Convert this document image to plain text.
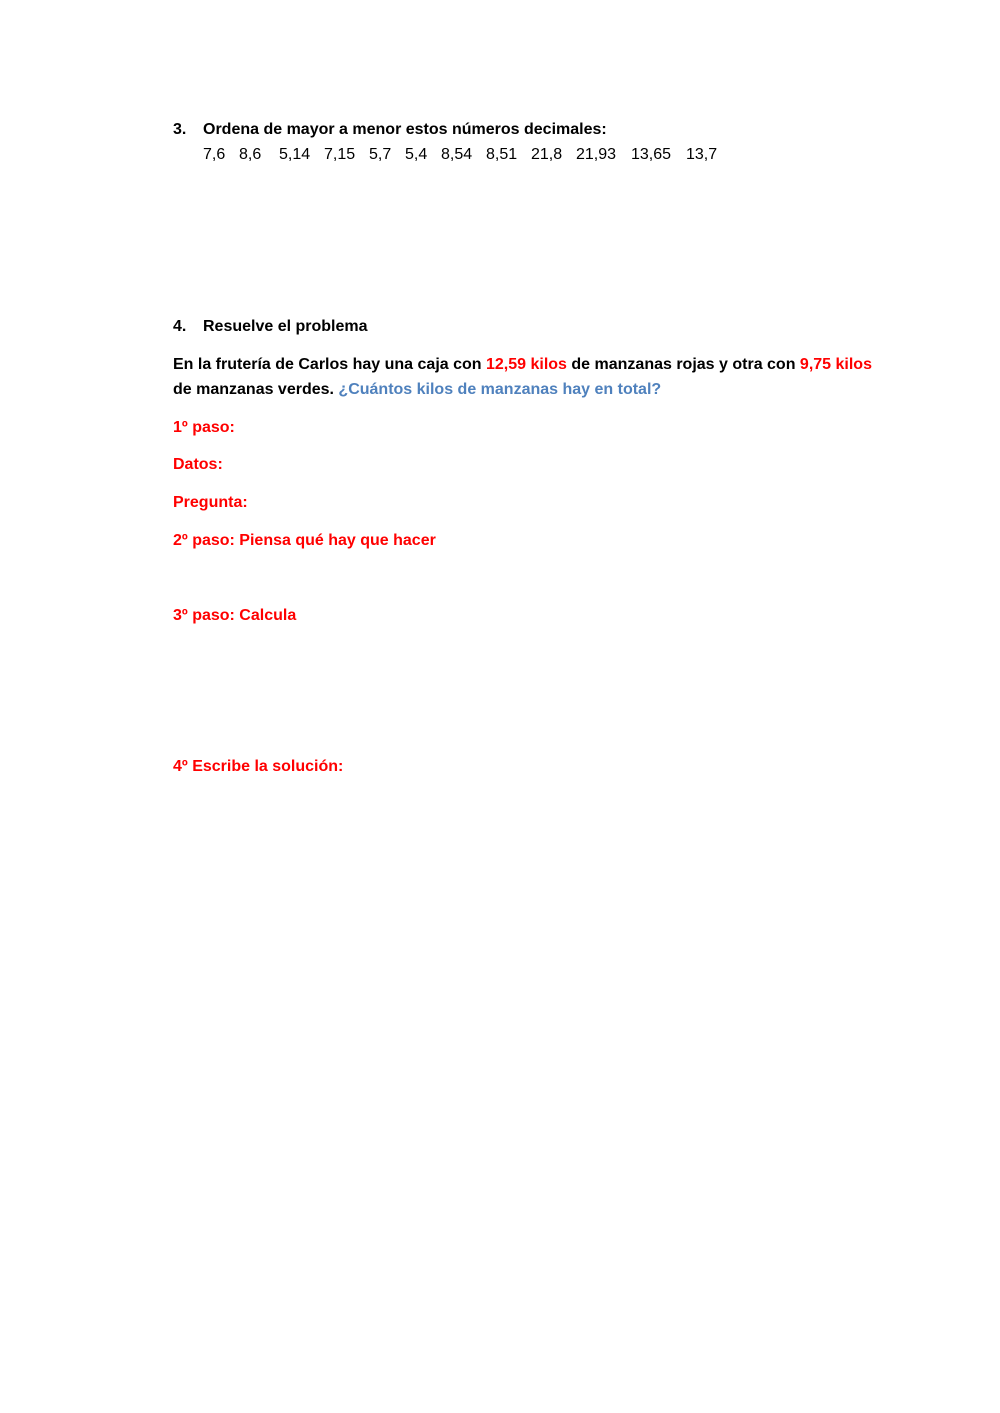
3. Ordena de mayor a menor estos números decimales:
7,6 8,6 5,14 7,15 5,7 5,4 8,54 8,51 21,8 21,93 13,65 13,7
4. Resuelve el problema
En la frutería de Carlos hay una caja con 12,59 kilos de manzanas rojas y otra con 9,75 kilos
de manzanas verdes. ¿Cuántos kilos de manzanas hay en total?
1º paso:
Datos:
Pregunta:
2º paso: Piensa qué hay que hacer
3º paso: Calcula
4º Escribe la solución:
